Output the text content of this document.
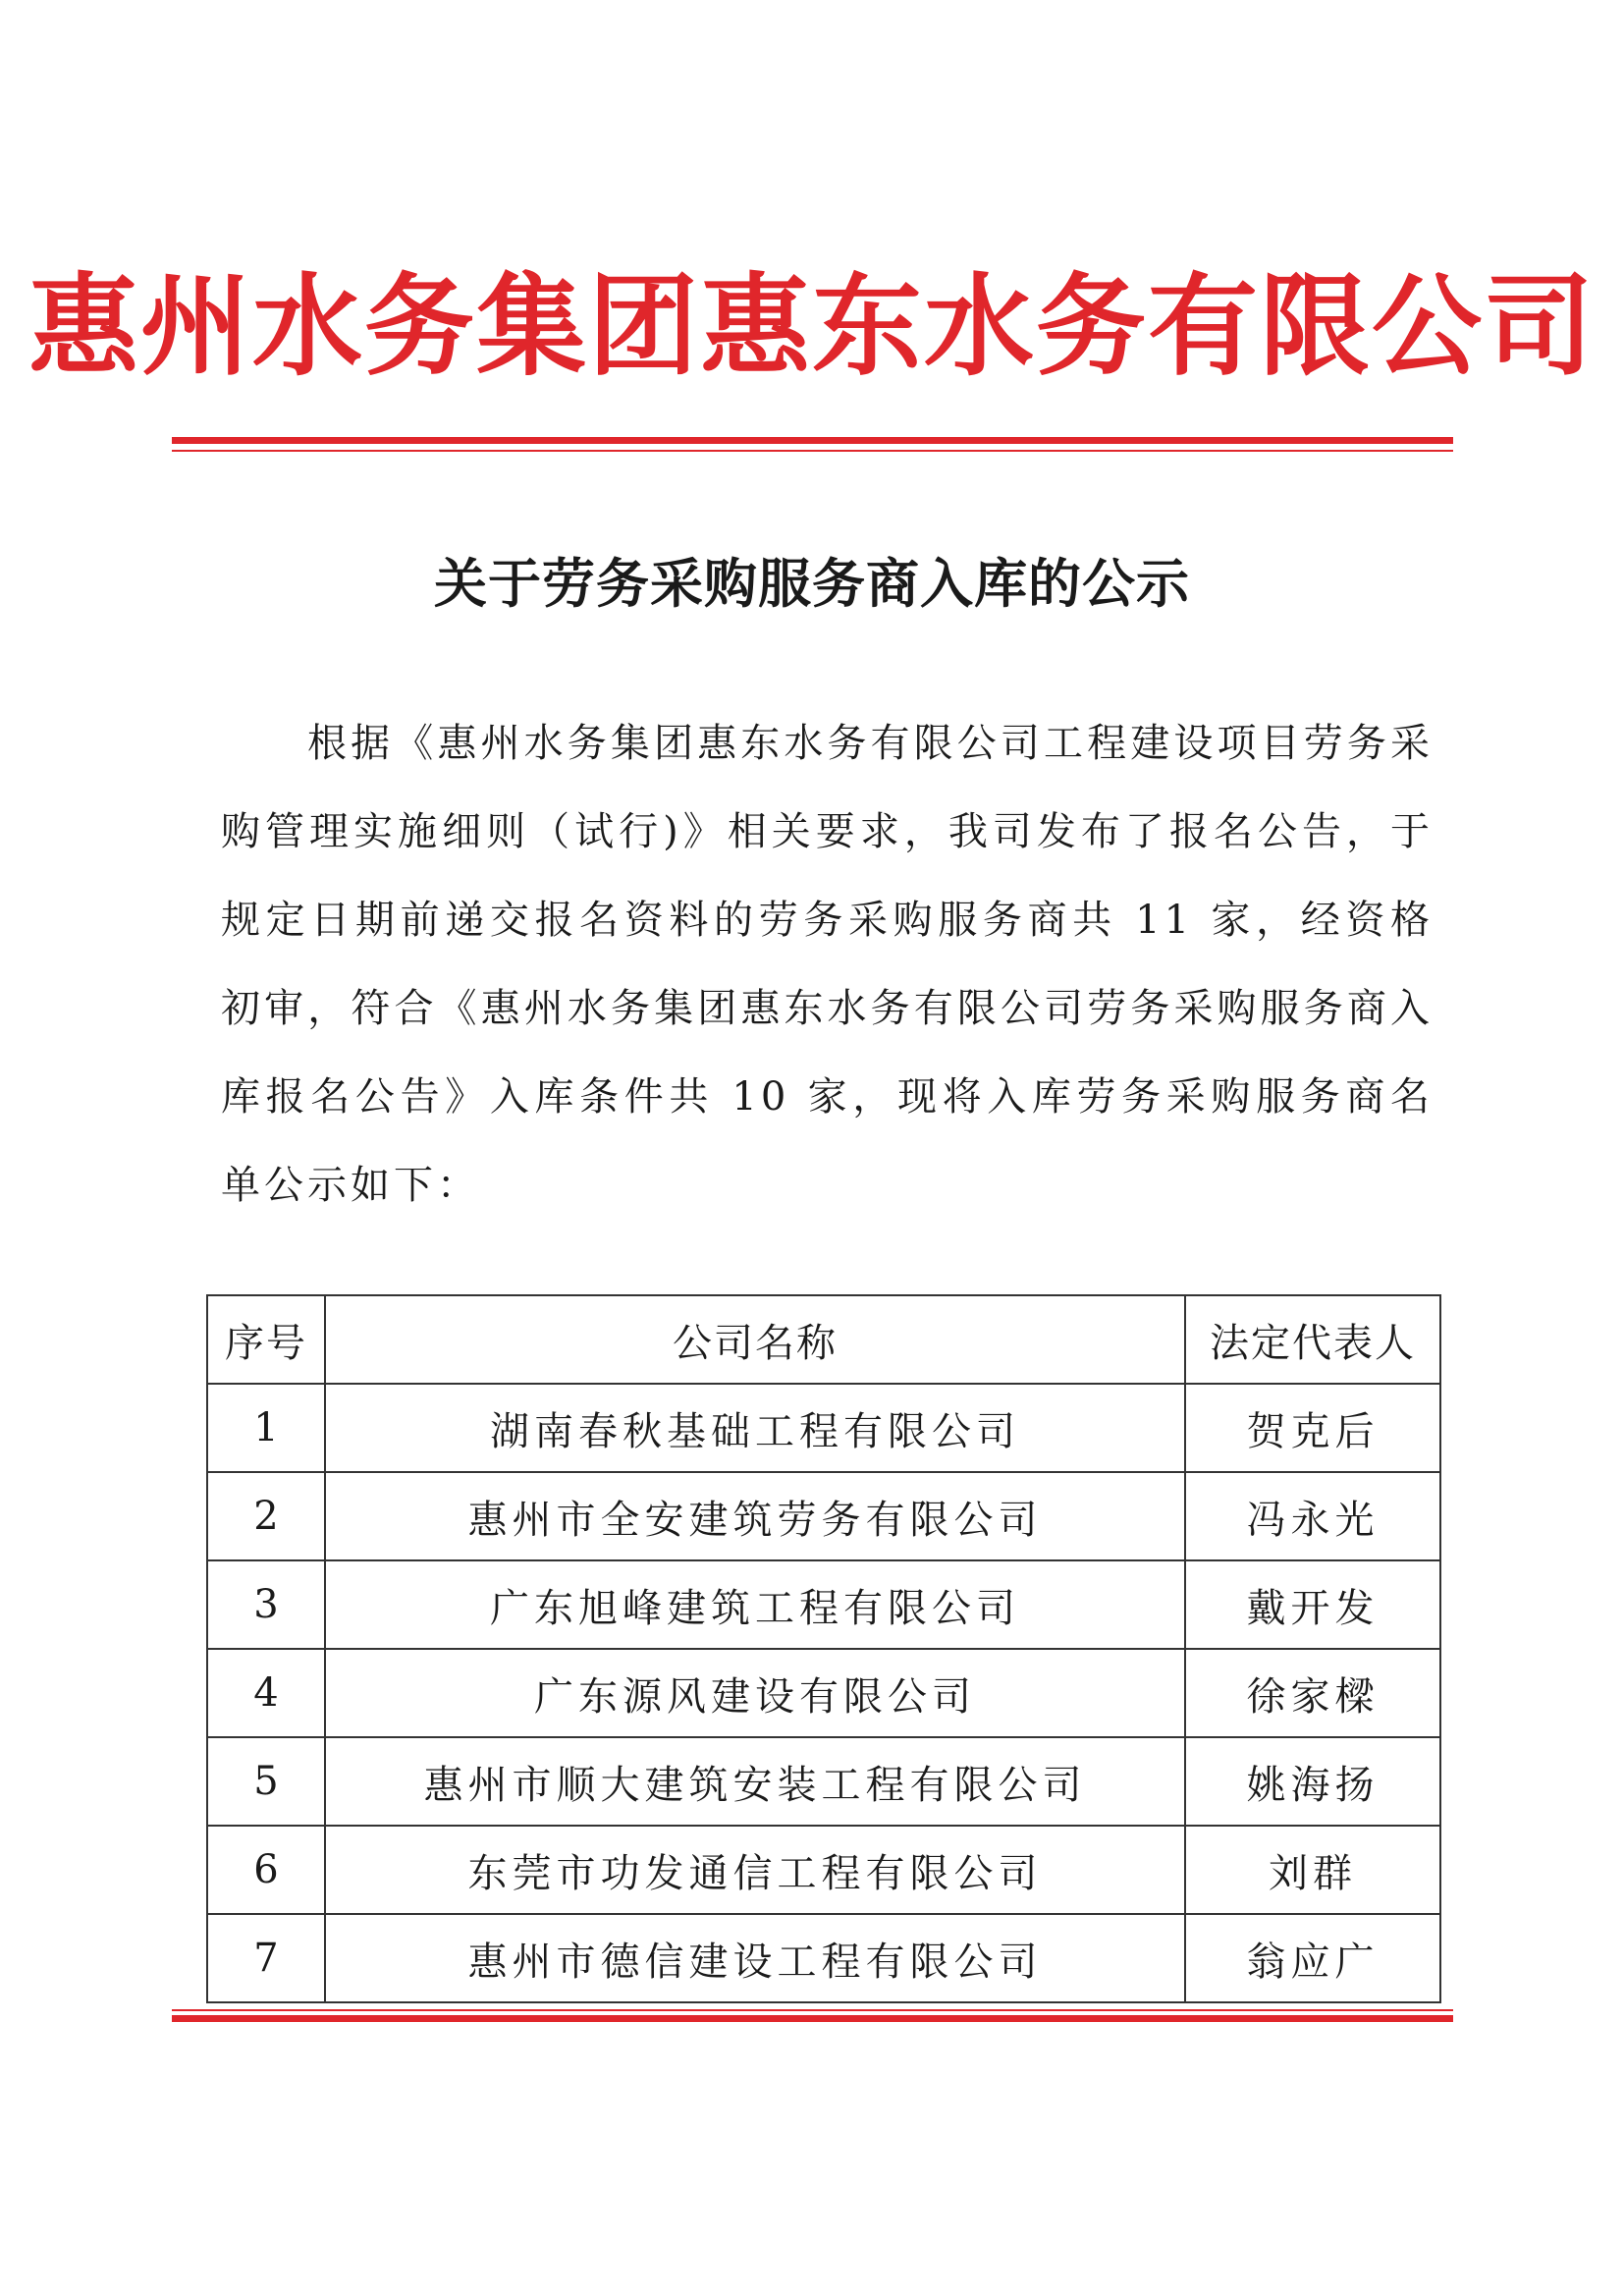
惠州水务集团惠东水务有限公司
关于劳务采购服务商入库的公示
根据《惠州水务集团惠东水务有限公司工程建设项目劳务采购管理实施细则（试行)》相关要求，我司发布了报名公告，于规定日期前递交报名资料的劳务采购服务商共 11 家，经资格初审，符合《惠州水务集团惠东水务有限公司劳务采购服务商入库报名公告》入库条件共 10 家，现将入库劳务采购服务商名单公示如下：
序号	公司名称	法定代表人
1	湖南春秋基础工程有限公司	贺克后
2	惠州市全安建筑劳务有限公司	冯永光
3	广东旭峰建筑工程有限公司	戴开发
4	广东源风建设有限公司	徐家樑
5	惠州市顺大建筑安装工程有限公司	姚海扬
6	东莞市功发通信工程有限公司	刘群
7	惠州市德信建设工程有限公司	翁应广
